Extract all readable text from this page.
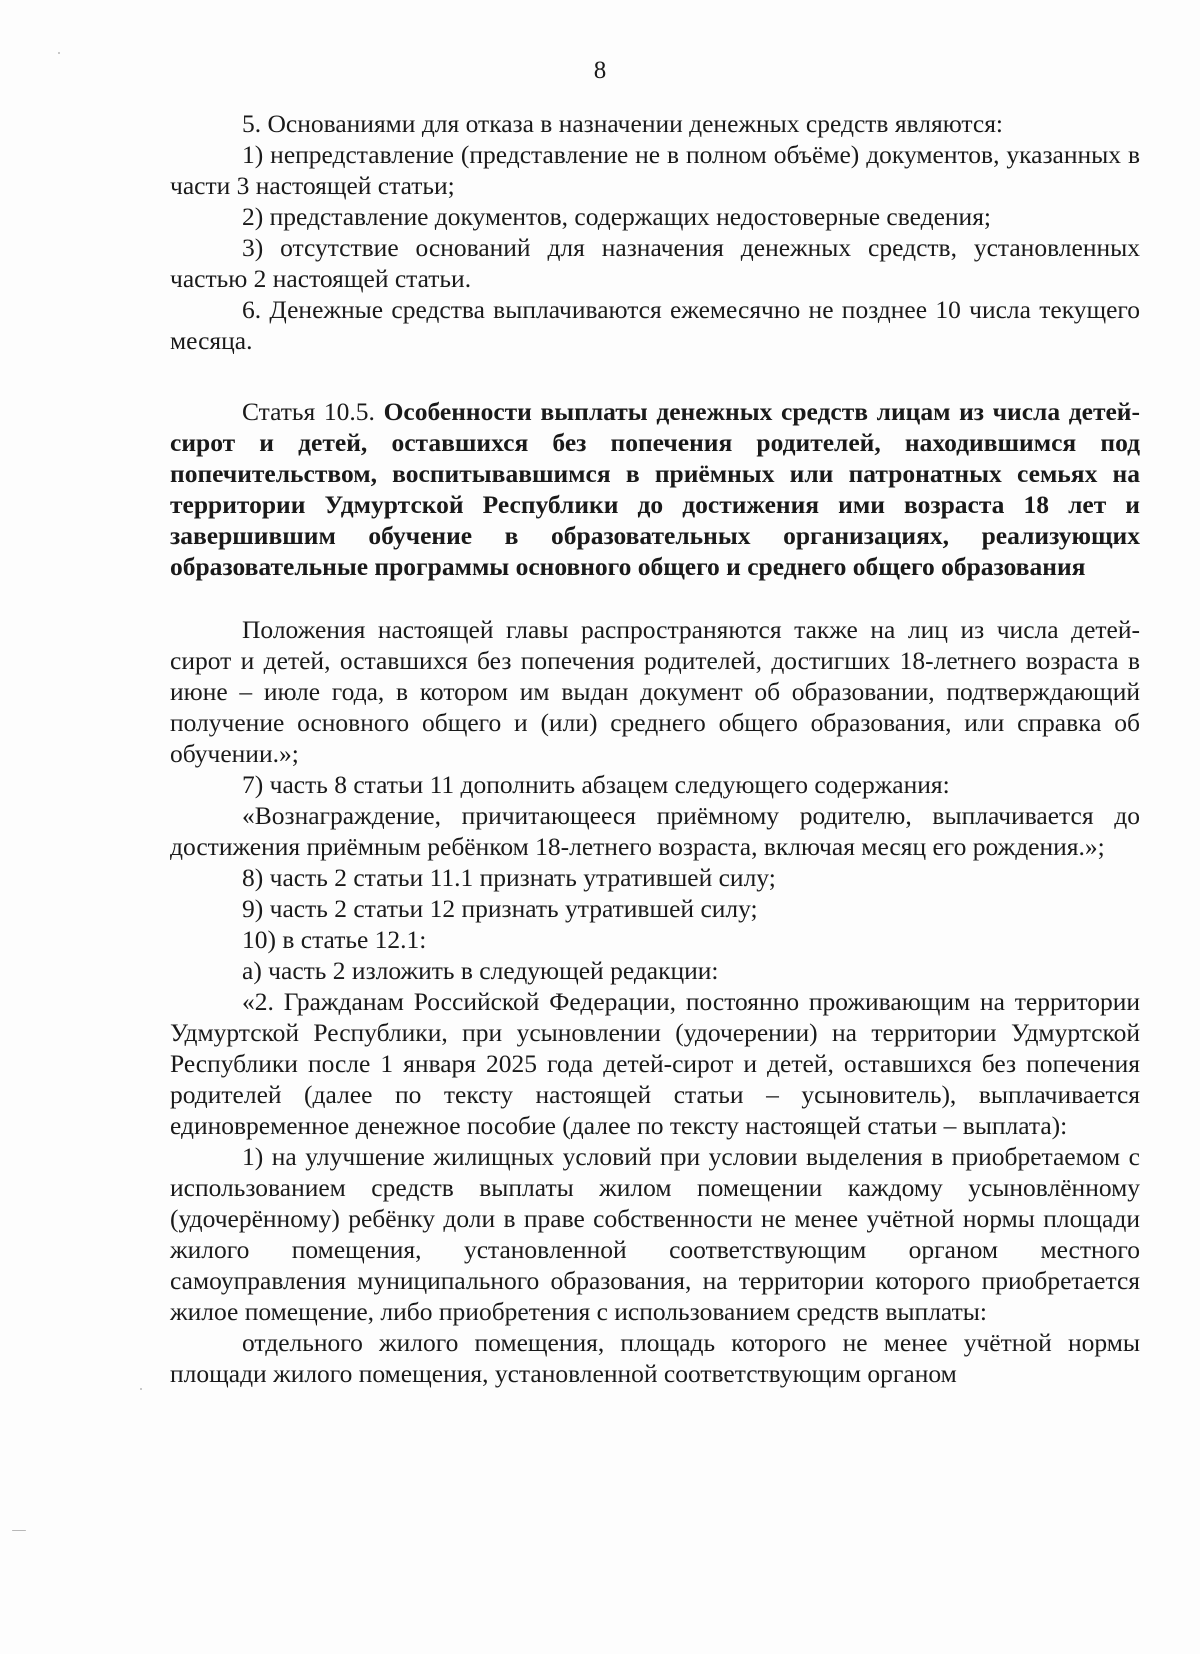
8

5. Основаниями для отказа в назначении денежных средств являются:

1) непредставление (представление не в полном объёме) документов, указанных в части 3 настоящей статьи;

2) представление документов, содержащих недостоверные сведения;

3) отсутствие оснований для назначения денежных средств, установленных частью 2 настоящей статьи.

6. Денежные средства выплачиваются ежемесячно не позднее 10 числа текущего месяца.

Статья 10.5. Особенности выплаты денежных средств лицам из числа детей-сирот и детей, оставшихся без попечения родителей, находившимся под попечительством, воспитывавшимся в приёмных или патронатных семьях на территории Удмуртской Республики до достижения ими возраста 18 лет и завершившим обучение в образовательных организациях, реализующих образовательные программы основного общего и среднего общего образования

Положения настоящей главы распространяются также на лиц из числа детей-сирот и детей, оставшихся без попечения родителей, достигших 18-летнего возраста в июне – июле года, в котором им выдан документ об образовании, подтверждающий получение основного общего и (или) среднего общего образования, или справка об обучении.»;

7) часть 8 статьи 11 дополнить абзацем следующего содержания:

«Вознаграждение, причитающееся приёмному родителю, выплачивается до достижения приёмным ребёнком 18-летнего возраста, включая месяц его рождения.»;

8) часть 2 статьи 11.1 признать утратившей силу;

9) часть 2 статьи 12 признать утратившей силу;

10) в статье 12.1:

а) часть 2 изложить в следующей редакции:

«2. Гражданам Российской Федерации, постоянно проживающим на территории Удмуртской Республики, при усыновлении (удочерении) на территории Удмуртской Республики после 1 января 2025 года детей-сирот и детей, оставшихся без попечения родителей (далее по тексту настоящей статьи – усыновитель), выплачивается единовременное денежное пособие (далее по тексту настоящей статьи – выплата):

1) на улучшение жилищных условий при условии выделения в приобретаемом с использованием средств выплаты жилом помещении каждому усыновлённому (удочерённому) ребёнку доли в праве собственности не менее учётной нормы площади жилого помещения, установленной соответствующим органом местного самоуправления муниципального образования, на территории которого приобретается жилое помещение, либо приобретения с использованием средств выплаты:

отдельного жилого помещения, площадь которого не менее учётной нормы площади жилого помещения, установленной соответствующим органом
